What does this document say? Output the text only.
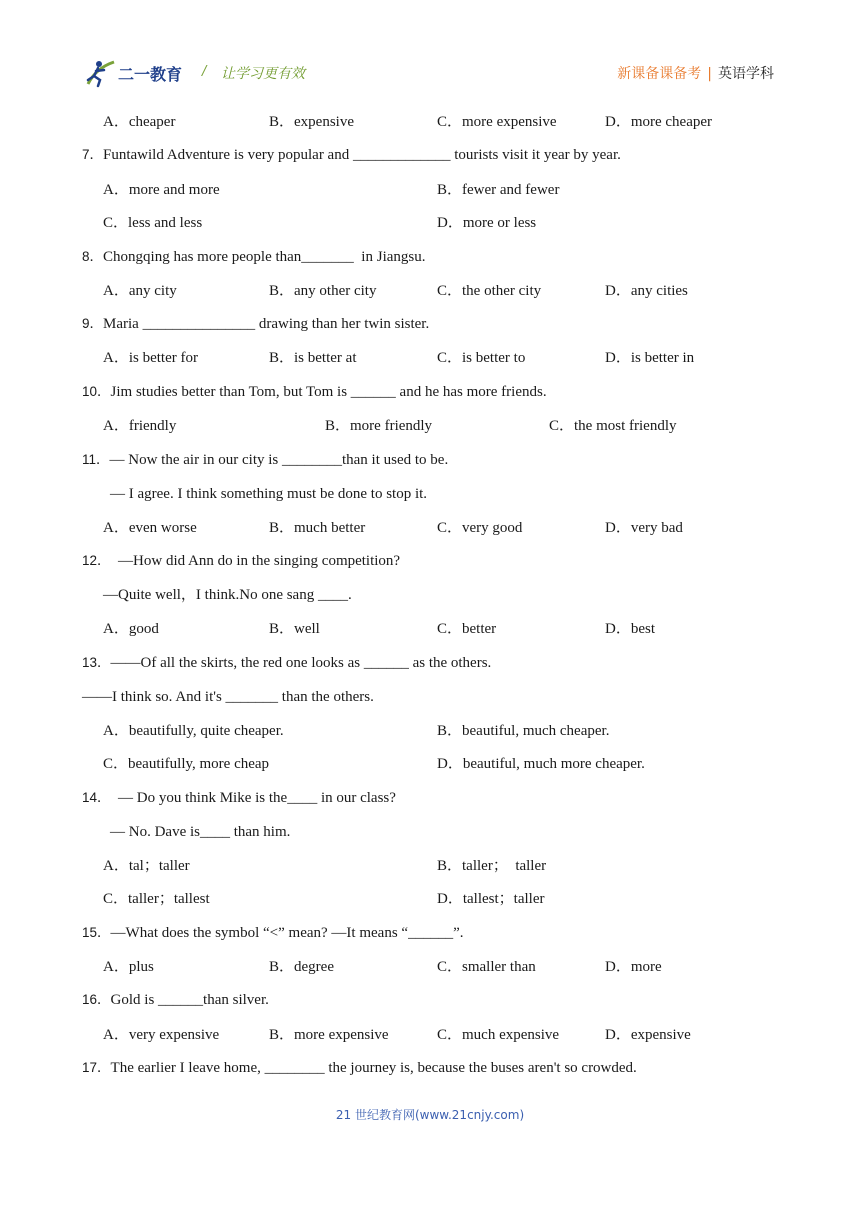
二一教育 / 让学习更有效	新课备课备考 | 英语学科
A．cheaper	B．expensive	C．more expensive	D．more cheaper
7．Funtawild Adventure is very popular and _____________ tourists visit it year by year.
A．more and more	B．fewer and fewer
C．less and less	D．more or less
8．Chongqing has more people than_______  in Jiangsu.
A．any city	B．any other city	C．the other city	D．any cities
9．Maria _______________ drawing than her twin sister.
A．is better for	B．is better at	C．is better to	D．is better in
10．Jim studies better than Tom, but Tom is ______ and he has more friends.
A．friendly	B．more friendly	C．the most friendly
11．— Now the air in our city is ________than it used to be.
— I agree. I think something must be done to stop it.
A．even worse	B．much better	C．very good	D．very bad
12．  —How did Ann do in the singing competition?
—Quite well，I think.No one sang ____.
A．good	B．well	C．better	D．best
13．——Of all the skirts, the red one looks as ______ as the others.
——I think so. And it's _______ than the others.
A．beautifully, quite cheaper.	B．beautiful, much cheaper.
C．beautifully, more cheap	D．beautiful, much more cheaper.
14．  — Do you think Mike is the____ in our class?
— No. Dave is____ than him.
A．tal；taller	B．taller；  taller
C．taller；tallest	D．tallest；taller
15．—What does the symbol “<” mean? —It means “______”.
A．plus	B．degree	C．smaller than	D．more
16．Gold is ______than silver.
A．very expensive	B．more expensive	C．much expensive	D．expensive
17．The earlier I leave home, ________ the journey is, because the buses aren't so crowded.
21 世纪教育网(www.21cnjy.com)
